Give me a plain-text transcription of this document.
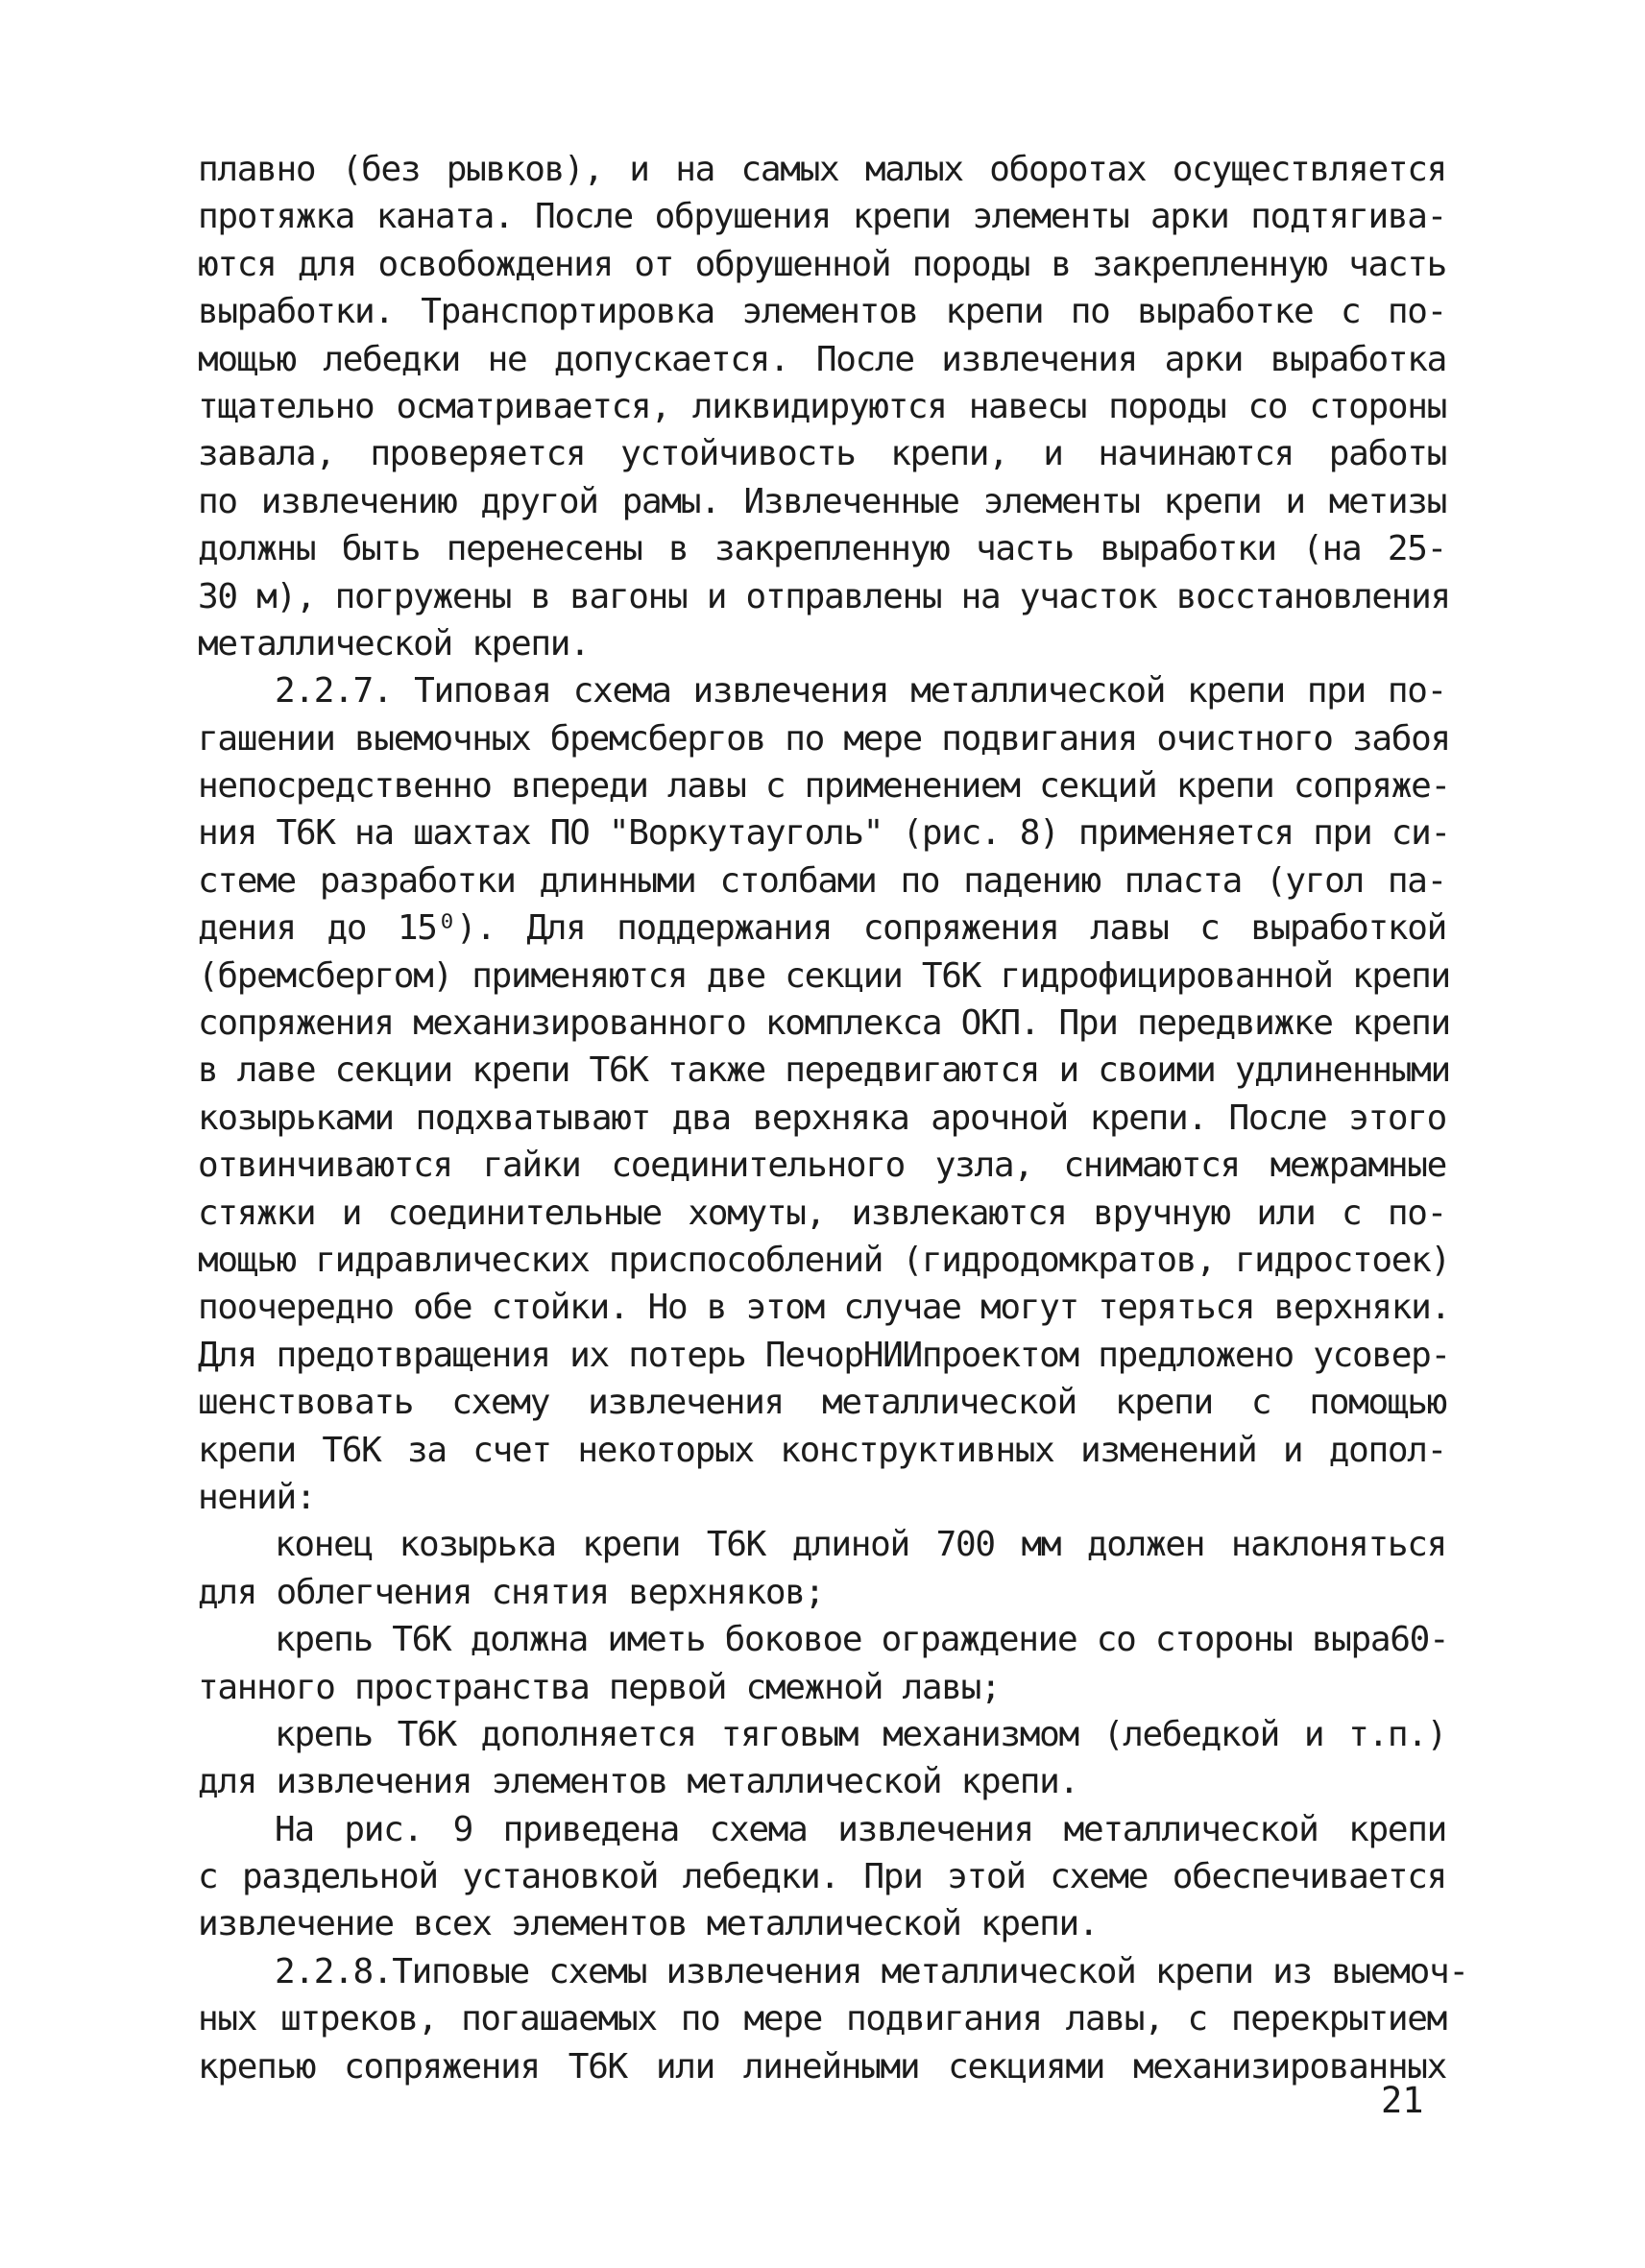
плавно (без рывков), и на самых малых оборотах осуществляется
протяжка каната. После обрушения крепи элементы арки подтягива-
ются для освобождения от обрушенной породы в закрепленную часть
выработки. Транспортировка элементов крепи по выработке с по-
мощью лебедки не допускается. После извлечения арки выработка
тщательно осматривается, ликвидируются навесы породы со стороны
завала, проверяется устойчивость крепи, и начинаются работы
по извлечению другой рамы. Извлеченные элементы крепи и метизы
должны быть перенесены в закрепленную часть выработки (на 25-
30 м), погружены в вагоны и отправлены на участок восстановления
металлической крепи.
2.2.7. Типовая схема извлечения металлической крепи при по-
гашении выемочных бремсбергов по мере подвигания очистного забоя
непосредственно впереди лавы с применением секций крепи сопряже-
ния Т6К на шахтах ПО "Воркутауголь" (рис. 8) применяется при си-
стеме разработки длинными столбами по падению пласта (угол па-
дения до 15⁰). Для поддержания сопряжения лавы с выработкой
(бремсбергом) применяются две секции Т6К гидрофицированной крепи
сопряжения механизированного комплекса ОКП. При передвижке крепи
в лаве секции крепи Т6К также передвигаются и своими удлиненными
козырьками подхватывают два верхняка арочной крепи. После этого
отвинчиваются гайки соединительного узла, снимаются межрамные
стяжки и соединительные хомуты, извлекаются вручную или с по-
мощью гидравлических приспособлений (гидродомкратов, гидростоек)
поочередно обе стойки. Но в этом случае могут теряться верхняки.
Для предотвращения их потерь ПечорНИИпроектом предложено усовер-
шенствовать схему извлечения металлической крепи с помощью
крепи Т6К за счет некоторых конструктивных изменений и допол-
нений:
конец козырька крепи Т6К длиной 700 мм должен наклоняться
для облегчения снятия верхняков;
крепь Т6К должна иметь боковое ограждение со стороны выра60-
танного пространства первой смежной лавы;
крепь Т6К дополняется тяговым механизмом (лебедкой и т.п.)
для извлечения элементов металлической крепи.
На рис. 9 приведена схема извлечения металлической крепи
с раздельной установкой лебедки. При этой схеме обеспечивается
извлечение всех элементов металлической крепи.
2.2.8.Типовые схемы извлечения металлической крепи из выемоч-
ных штреков, погашаемых по мере подвигания лавы, с перекрытием
крепью сопряжения Т6К или линейными секциями механизированных
21
